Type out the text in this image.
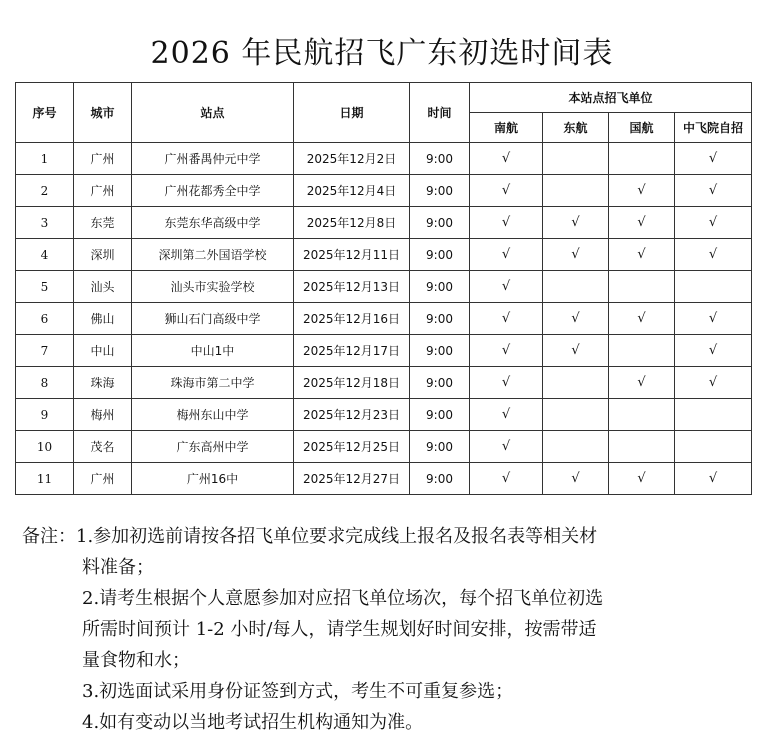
2026 年民航招飞广东初选时间表
序号	城市	站点	日期	时间	本站点招飞单位			
					南航	东航	国航	中飞院自招
1	广州	广州番禺仲元中学	2025年12月2日	9:00	√			√
2	广州	广州花都秀全中学	2025年12月4日	9:00	√		√	√
3	东莞	东莞东华高级中学	2025年12月8日	9:00	√	√	√	√
4	深圳	深圳第二外国语学校	2025年12月11日	9:00	√	√	√	√
5	汕头	汕头市实验学校	2025年12月13日	9:00	√			
6	佛山	狮山石门高级中学	2025年12月16日	9:00	√	√	√	√
7	中山	中山1中	2025年12月17日	9:00	√	√		√
8	珠海	珠海市第二中学	2025年12月18日	9:00	√		√	√
9	梅州	梅州东山中学	2025年12月23日	9:00	√			
10	茂名	广东高州中学	2025年12月25日	9:00	√			
11	广州	广州16中	2025年12月27日	9:00	√	√	√	√
备注： 1.参加初选前请按各招飞单位要求完成线上报名及报名表等相关材
料准备；
2.请考生根据个人意愿参加对应招飞单位场次，每个招飞单位初选
所需时间预计 1-2 小时/每人，请学生规划好时间安排，按需带适
量食物和水；
3.初选面试采用身份证签到方式，考生不可重复参选；
4.如有变动以当地考试招生机构通知为准。
